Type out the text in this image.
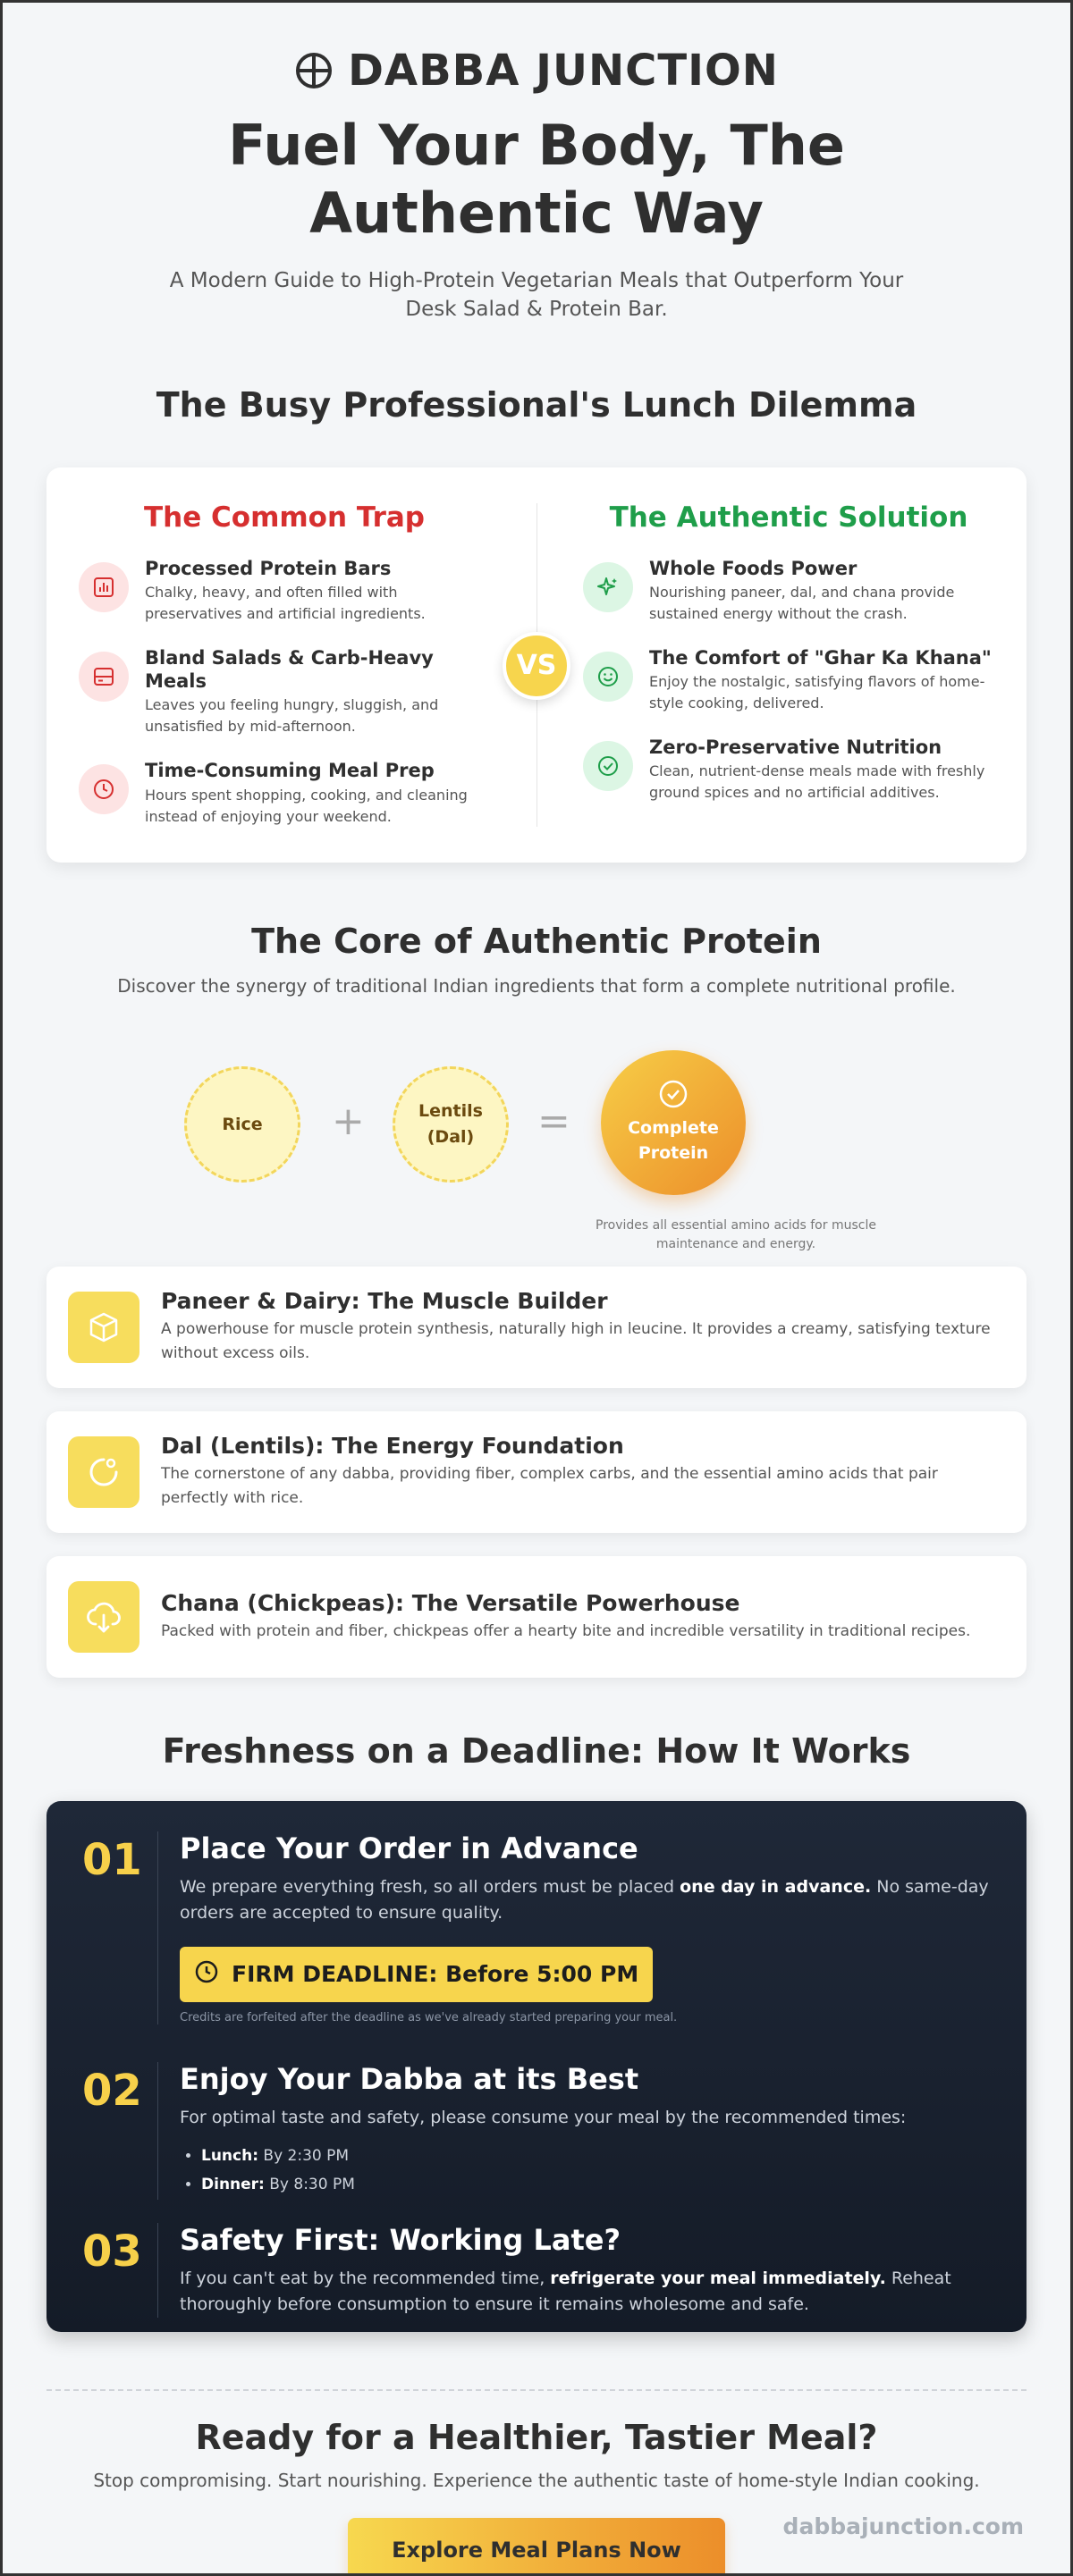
DABBA JUNCTION
Fuel Your Body, The Authentic Way

A Modern Guide to High-Protein Vegetarian Meals that Outperform Your Desk Salad & Protein Bar.

The Busy Professional's Lunch Dilemma
The Common Trap
Processed Protein Bars
Chalky, heavy, and often filled with preservatives and artificial ingredients.
Bland Salads & Carb-Heavy Meals
Leaves you feeling hungry, sluggish, and unsatisfied by mid-afternoon.
Time-Consuming Meal Prep
Hours spent shopping, cooking, and cleaning instead of enjoying your weekend.
The Authentic Solution
Whole Foods Power
Nourishing paneer, dal, and chana provide sustained energy without the crash.
The Comfort of "Ghar Ka Khana"
Enjoy the nostalgic, satisfying flavors of home-style cooking, delivered.
Zero-Preservative Nutrition
Clean, nutrient-dense meals made with freshly ground spices and no artificial additives.
VS
The Core of Authentic Protein

Discover the synergy of traditional Indian ingredients that form a complete nutritional profile.

Rice +	Lentils
(Dal) =	Complete
Protein
Provides all essential amino acids for muscle maintenance and energy.
Paneer & Dairy: The Muscle Builder
A powerhouse for muscle protein synthesis, naturally high in leucine. It provides a creamy, satisfying texture without excess oils.
Dal (Lentils): The Energy Foundation
The cornerstone of any dabba, providing fiber, complex carbs, and the essential amino acids that pair perfectly with rice.
Chana (Chickpeas): The Versatile Powerhouse
Packed with protein and fiber, chickpeas offer a hearty bite and incredible versatility in traditional recipes.
Freshness on a Deadline: How It Works
01	Place Your Order in Advance
We prepare everything fresh, so all orders must be placed one day in advance. No same-day orders are accepted to ensure quality.
FIRM DEADLINE: Before 5:00 PM
Credits are forfeited after the deadline as we've already started preparing your meal.
02	Enjoy Your Dabba at its Best
For optimal taste and safety, please consume your meal by the recommended times:
• Lunch: By 2:30 PM
• Dinner: By 8:30 PM
03	Safety First: Working Late?
If you can't eat by the recommended time, refrigerate your meal immediately. Reheat thoroughly before consumption to ensure it remains wholesome and safe.
Ready for a Healthier, Tastier Meal?

Stop compromising. Start nourishing. Experience the authentic taste of home-style Indian cooking.

Explore Meal Plans Now
dabbajunction.com
